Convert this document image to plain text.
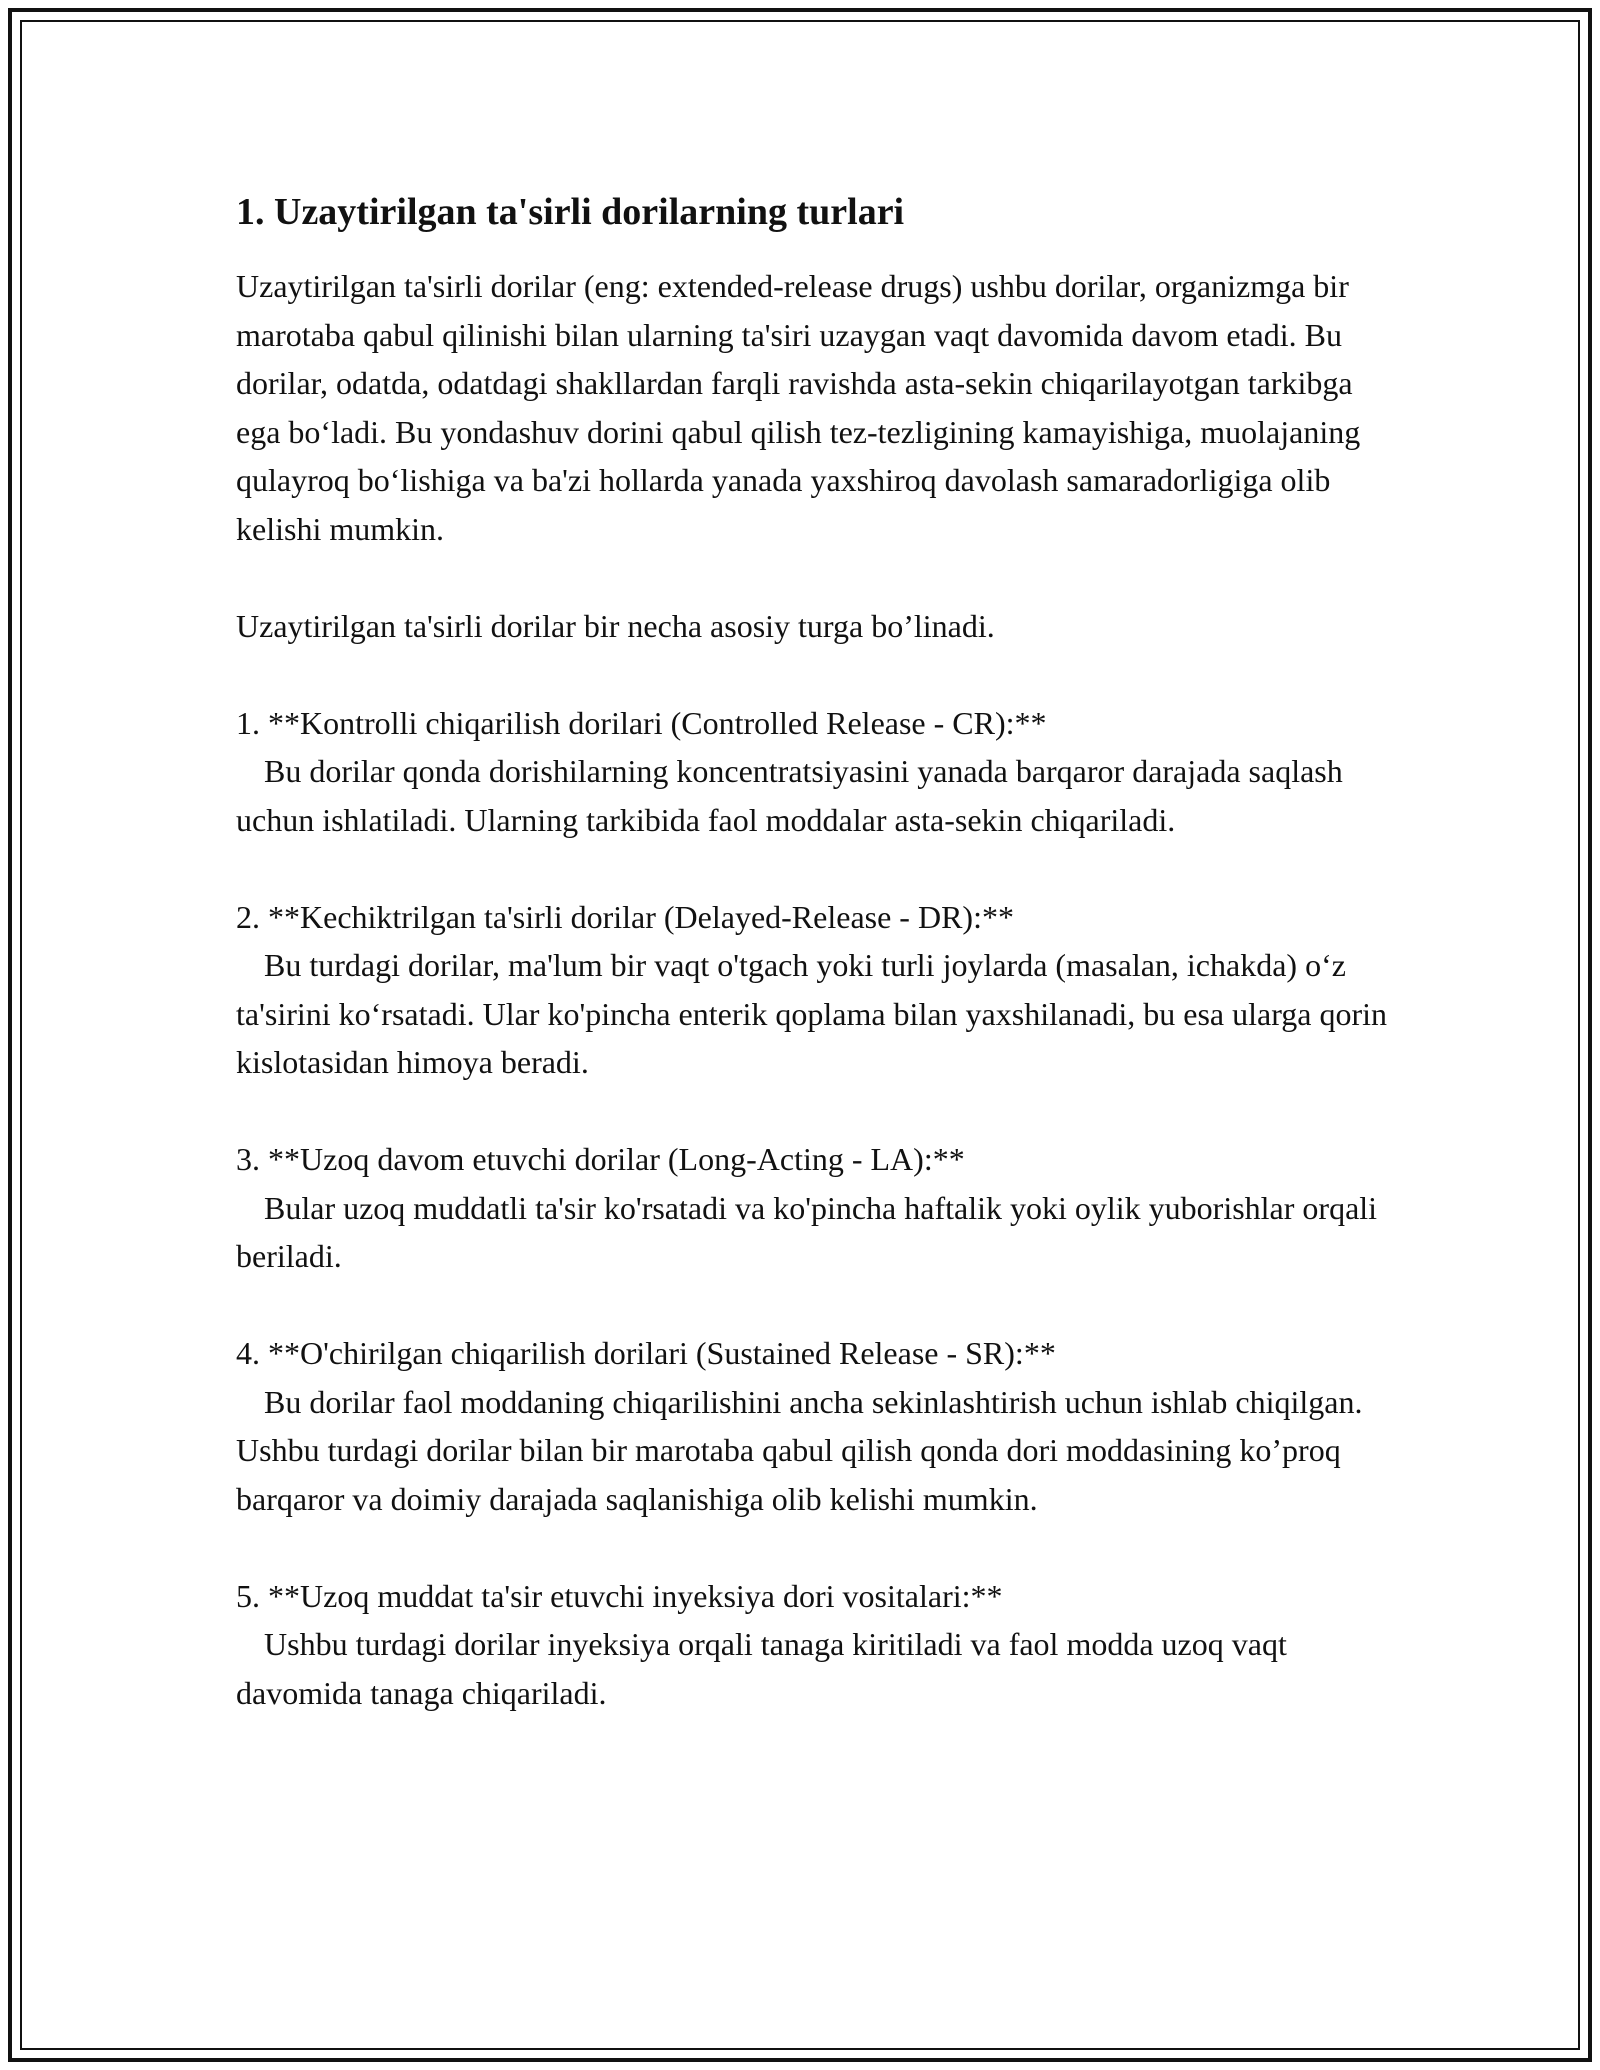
1. Uzaytirilgan ta'sirli dorilarning turlari

Uzaytirilgan ta'sirli dorilar (eng: extended-release drugs) ushbu dorilar, organizmga bir marotaba qabul qilinishi bilan ularning ta'siri uzaygan vaqt davomida davom etadi. Bu dorilar, odatda, odatdagi shakllardan farqli ravishda asta-sekin chiqarilayotgan tarkibga ega bo‘ladi. Bu yondashuv dorini qabul qilish tez-tezligining kamayishiga, muolajaning qulayroq bo‘lishiga va ba'zi hollarda yanada yaxshiroq davolash samaradorligiga olib kelishi mumkin.

Uzaytirilgan ta'sirli dorilar bir necha asosiy turga bo’linadi.

1. **Kontrolli chiqarilish dorilari (Controlled Release - CR):**

Bu dorilar qonda dorishilarning koncentratsiyasini yanada barqaror darajada saqlash uchun ishlatiladi. Ularning tarkibida faol moddalar asta-sekin chiqariladi.

2. **Kechiktrilgan ta'sirli dorilar (Delayed-Release - DR):**

Bu turdagi dorilar, ma'lum bir vaqt o'tgach yoki turli joylarda (masalan, ichakda) o‘z ta'sirini ko‘rsatadi. Ular ko'pincha enterik qoplama bilan yaxshilanadi, bu esa ularga qorin kislotasidan himoya beradi.

3. **Uzoq davom etuvchi dorilar (Long-Acting - LA):**

Bular uzoq muddatli ta'sir ko'rsatadi va ko'pincha haftalik yoki oylik yuborishlar orqali beriladi.

4. **O'chirilgan chiqarilish dorilari (Sustained Release - SR):**

Bu dorilar faol moddaning chiqarilishini ancha sekinlashtirish uchun ishlab chiqilgan. Ushbu turdagi dorilar bilan bir marotaba qabul qilish qonda dori moddasining ko’proq barqaror va doimiy darajada saqlanishiga olib kelishi mumkin.

5. **Uzoq muddat ta'sir etuvchi inyeksiya dori vositalari:**

Ushbu turdagi dorilar inyeksiya orqali tanaga kiritiladi va faol modda uzoq vaqt davomida tanaga chiqariladi.
